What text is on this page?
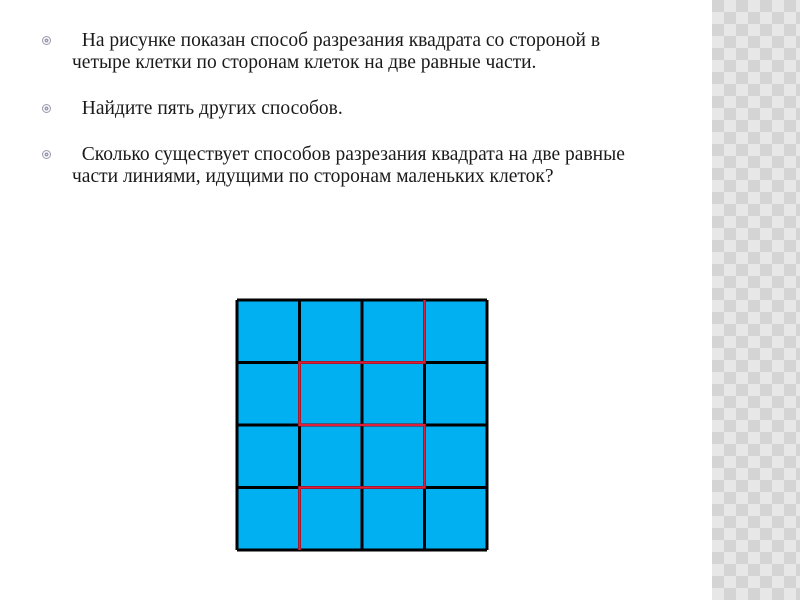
На рисунке показан способ разрезания квадрата со стороной в четыре клетки по сторонам клеток на две равные части.
Найдите пять других способов.
Сколько существует способов разрезания квадрата на две равные части линиями, идущими по сторонам маленьких клеток?
